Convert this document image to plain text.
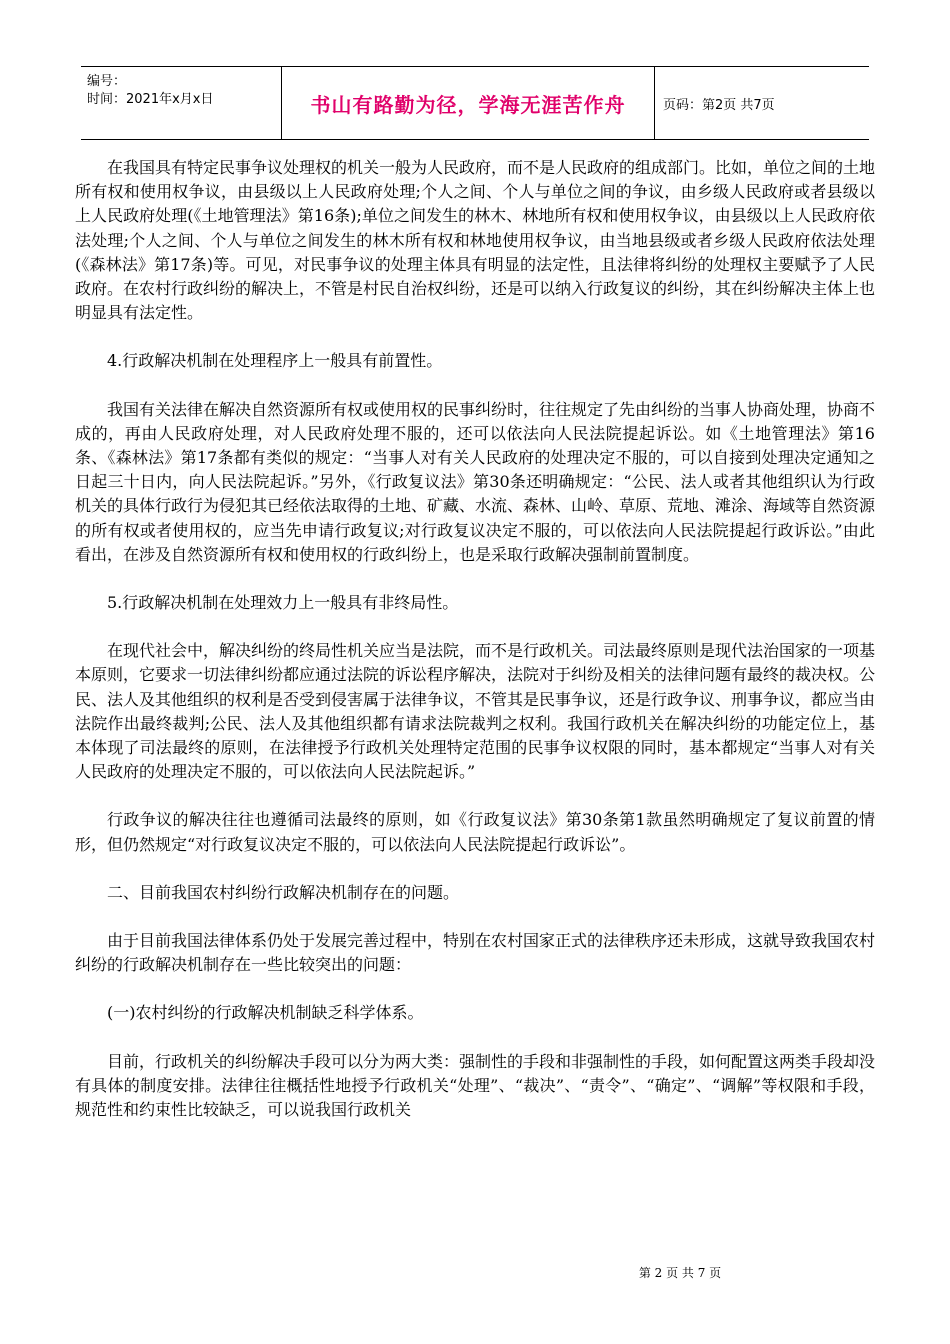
编号：
时间：2021年x月x日	书山有路勤为径，学海无涯苦作舟	页码：第2页 共7页

在我国具有特定民事争议处理权的机关一般为人民政府，而不是人民政府的组成部门。比如，单位之间的土地所有权和使用权争议，由县级以上人民政府处理;个人之间、个人与单位之间的争议，由乡级人民政府或者县级以上人民政府处理(《土地管理法》第16条);单位之间发生的林木、林地所有权和使用权争议，由县级以上人民政府依法处理;个人之间、个人与单位之间发生的林木所有权和林地使用权争议，由当地县级或者乡级人民政府依法处理(《森林法》第17条)等。可见，对民事争议的处理主体具有明显的法定性，且法律将纠纷的处理权主要赋予了人民政府。在农村行政纠纷的解决上，不管是村民自治权纠纷，还是可以纳入行政复议的纠纷，其在纠纷解决主体上也明显具有法定性。

4.行政解决机制在处理程序上一般具有前置性。

我国有关法律在解决自然资源所有权或使用权的民事纠纷时，往往规定了先由纠纷的当事人协商处理，协商不成的，再由人民政府处理，对人民政府处理不服的，还可以依法向人民法院提起诉讼。如《土地管理法》第16条、《森林法》第17条都有类似的规定：“当事人对有关人民政府的处理决定不服的，可以自接到处理决定通知之日起三十日内，向人民法院起诉。”另外，《行政复议法》第30条还明确规定：“公民、法人或者其他组织认为行政机关的具体行政行为侵犯其已经依法取得的土地、矿藏、水流、森林、山岭、草原、荒地、滩涂、海域等自然资源的所有权或者使用权的，应当先申请行政复议;对行政复议决定不服的，可以依法向人民法院提起行政诉讼。”由此看出，在涉及自然资源所有权和使用权的行政纠纷上，也是采取行政解决强制前置制度。

5.行政解决机制在处理效力上一般具有非终局性。

在现代社会中，解决纠纷的终局性机关应当是法院，而不是行政机关。司法最终原则是现代法治国家的一项基本原则，它要求一切法律纠纷都应通过法院的诉讼程序解决，法院对于纠纷及相关的法律问题有最终的裁决权。公民、法人及其他组织的权利是否受到侵害属于法律争议，不管其是民事争议，还是行政争议、刑事争议，都应当由法院作出最终裁判;公民、法人及其他组织都有请求法院裁判之权利。我国行政机关在解决纠纷的功能定位上，基本体现了司法最终的原则，在法律授予行政机关处理特定范围的民事争议权限的同时，基本都规定“当事人对有关人民政府的处理决定不服的，可以依法向人民法院起诉。”

行政争议的解决往往也遵循司法最终的原则，如《行政复议法》第30条第1款虽然明确规定了复议前置的情形，但仍然规定“对行政复议决定不服的，可以依法向人民法院提起行政诉讼”。

二、目前我国农村纠纷行政解决机制存在的问题。

由于目前我国法律体系仍处于发展完善过程中，特别在农村国家正式的法律秩序还未形成，这就导致我国农村纠纷的行政解决机制存在一些比较突出的问题：

(一)农村纠纷的行政解决机制缺乏科学体系。

目前，行政机关的纠纷解决手段可以分为两大类：强制性的手段和非强制性的手段，如何配置这两类手段却没有具体的制度安排。法律往往概括性地授予行政机关“处理”、“裁决”、“责令”、“确定”、“调解”等权限和手段，规范性和约束性比较缺乏，可以说我国行政机关

第 2 页 共 7 页
